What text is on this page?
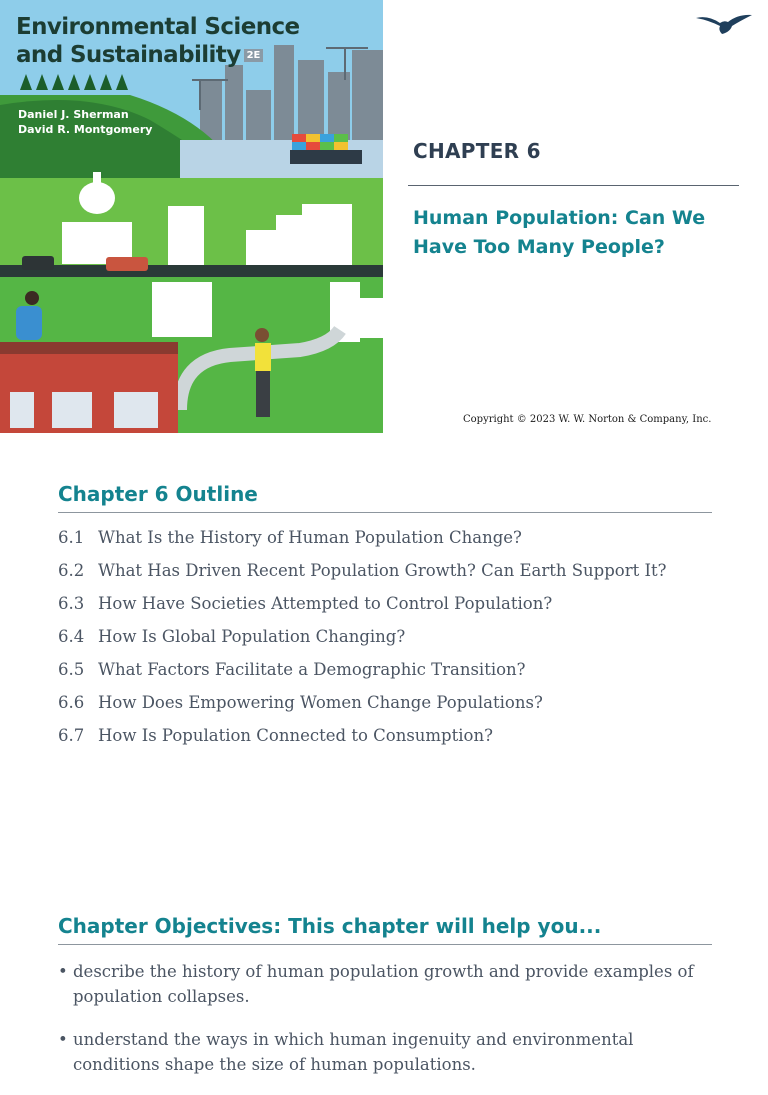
Environmental Science
and Sustainability 2E
Daniel J. Sherman
David R. Montgomery
CHAPTER 6
Human Population: Can We Have Too Many People?
Copyright © 2023 W. W. Norton & Company, Inc.
Chapter 6 Outline
6.1 What Is the History of Human Population Change?
6.2 What Has Driven Recent Population Growth? Can Earth Support It?
6.3 How Have Societies Attempted to Control Population?
6.4 How Is Global Population Changing?
6.5 What Factors Facilitate a Demographic Transition?
6.6 How Does Empowering Women Change Populations?
6.7 How Is Population Connected to Consumption?
Chapter Objectives: This chapter will help you...
• describe the history of human population growth and provide examples of population collapses.
• understand the ways in which human ingenuity and environmental conditions shape the size of human populations.
